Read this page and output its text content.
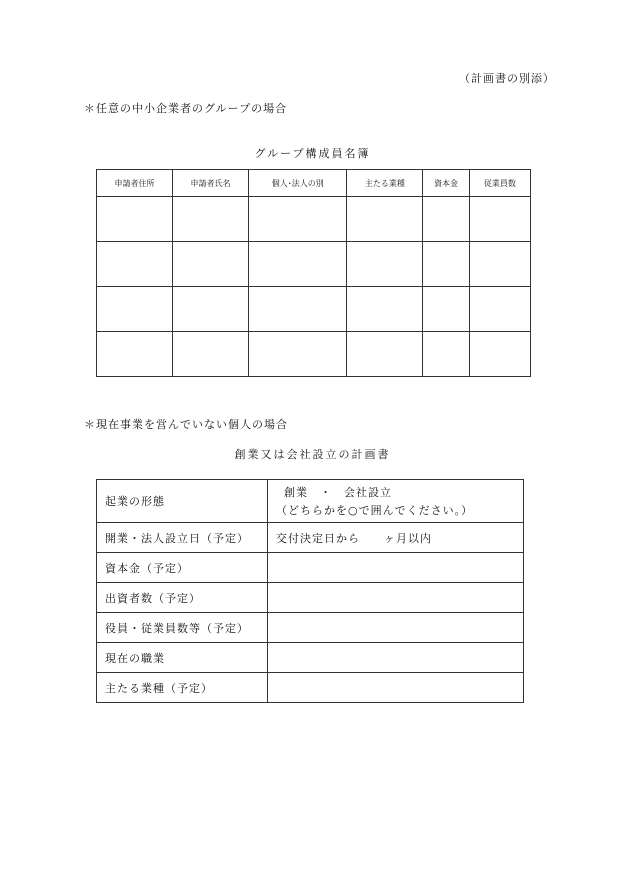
（計画書の別添）
＊任意の中小企業者のグループの場合
グループ構成員名簿
申請者住所	申請者氏名	個人･法人の別	主たる業種	資本金	従業員数

＊現在事業を営んでいない個人の場合
創業又は会社設立の計画書
起業の形態	創業　・　会社設立
（どちらかを○で囲んでください。）

開業・法人設立日（予定）	交付決定日から　　ヶ月以内
資本金（予定）	
出資者数（予定）	
役員・従業員数等（予定）	
現在の職業	
主たる業種（予定）	
